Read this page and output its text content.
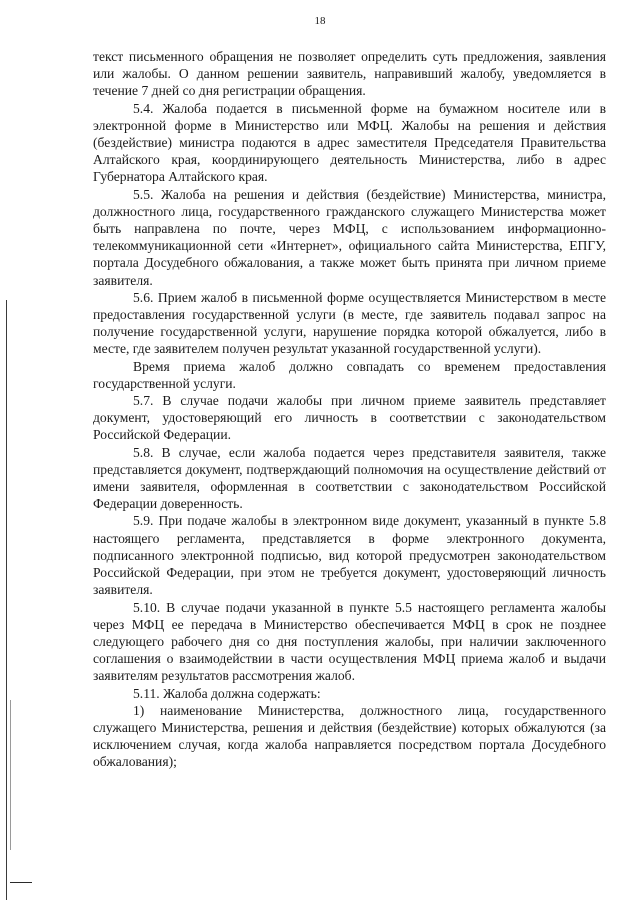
18

текст письменного обращения не позволяет определить суть предложения, заявления или жалобы. О данном решении заявитель, направивший жалобу, уведомляется в течение 7 дней со дня регистрации обращения.

5.4. Жалоба подается в письменной форме на бумажном носителе или в электронной форме в Министерство или МФЦ. Жалобы на решения и действия (бездействие) министра подаются в адрес заместителя Председателя Правительства Алтайского края, координирующего деятельность Министерства, либо в адрес Губернатора Алтайского края.

5.5. Жалоба на решения и действия (бездействие) Министерства, министра, должностного лица, государственного гражданского служащего Министерства может быть направлена по почте, через МФЦ, с использованием информационно-телекоммуникационной сети «Интернет», официального сайта Министерства, ЕПГУ, портала Досудебного обжалования, а также может быть принята при личном приеме заявителя.

5.6. Прием жалоб в письменной форме осуществляется Министерством в месте предоставления государственной услуги (в месте, где заявитель подавал запрос на получение государственной услуги, нарушение порядка которой обжалуется, либо в месте, где заявителем получен результат указанной государственной услуги).

Время приема жалоб должно совпадать со временем предоставления государственной услуги.

5.7. В случае подачи жалобы при личном приеме заявитель представляет документ, удостоверяющий его личность в соответствии с законодательством Российской Федерации.

5.8. В случае, если жалоба подается через представителя заявителя, также представляется документ, подтверждающий полномочия на осуществление действий от имени заявителя, оформленная в соответствии с законодательством Российской Федерации доверенность.

5.9. При подаче жалобы в электронном виде документ, указанный в пункте 5.8 настоящего регламента, представляется в форме электронного документа, подписанного электронной подписью, вид которой предусмотрен законодательством Российской Федерации, при этом не требуется документ, удостоверяющий личность заявителя.

5.10. В случае подачи указанной в пункте 5.5 настоящего регламента жалобы через МФЦ ее передача в Министерство обеспечивается МФЦ в срок не позднее следующего рабочего дня со дня поступления жалобы, при наличии заключенного соглашения о взаимодействии в части осуществления МФЦ приема жалоб и выдачи заявителям результатов рассмотрения жалоб.

5.11. Жалоба должна содержать:

1) наименование Министерства, должностного лица, государственного служащего Министерства, решения и действия (бездействие) которых обжалуются (за исключением случая, когда жалоба направляется посредством портала Досудебного обжалования);
